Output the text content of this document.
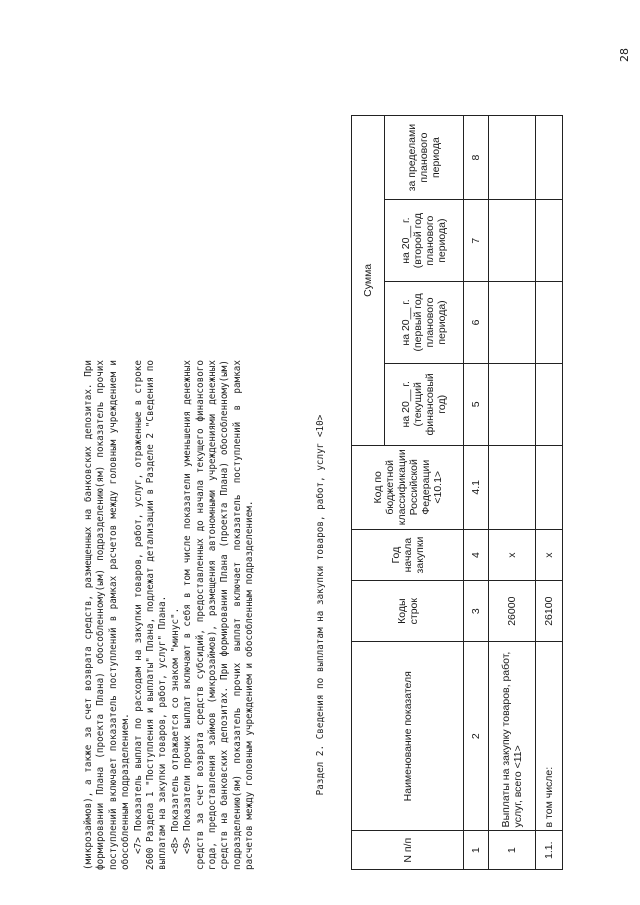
28

(микрозаймов), а также за счет возврата средств, размещенных на банковских депозитах. При формировании Плана (проекта Плана) обособленному(ым) подразделению(ям) показатель прочих поступлений включает показатель поступлений в рамках расчетов между головным учреждением и обособленным подразделением. <7> Показатель выплат по расходам на закупки товаров, работ, услуг, отраженные в строке 2600 Раздела 1 "Поступления и выплаты" Плана, подлежат детализации в Разделе 2 "Сведения по выплатам на закупки товаров, работ, услуг" Плана. <8> Показатель отражается со знаком "минус". <9> Показатели прочих выплат включают в себя в том числе показатели уменьшения денежных средств за счет возврата средств субсидий, предоставленных до начала текущего финансового года, предоставления займов (микрозаймов), размещения автономными учреждениями денежных средств на банковских депозитах. При формировании Плана (проекта Плана) обособленному(ым) подразделению(ям) показатель прочих выплат включает показатель поступлений в рамках расчетов между головным учреждением и обособленным подразделением.	Раздел 2. Сведения по выплатам на закупки товаров, работ, услуг <10>
N п/п	Наименование показателя	Коды строк	Год начала закупки	Код по бюджетной классификации Российской Федерации <10.1>	Сумма			
					на 20__ г. (текущий финансовый год)	на 20__ г. (первый год планового периода)	на 20__ г. (второй год планового периода)	за пределами планового периода
1	2	3	4	4.1	5	6	7	8
1	Выплаты на закупку товаров, работ, услуг, всего <11>	26000	x					
1.1.	в том числе:	26100	x					
